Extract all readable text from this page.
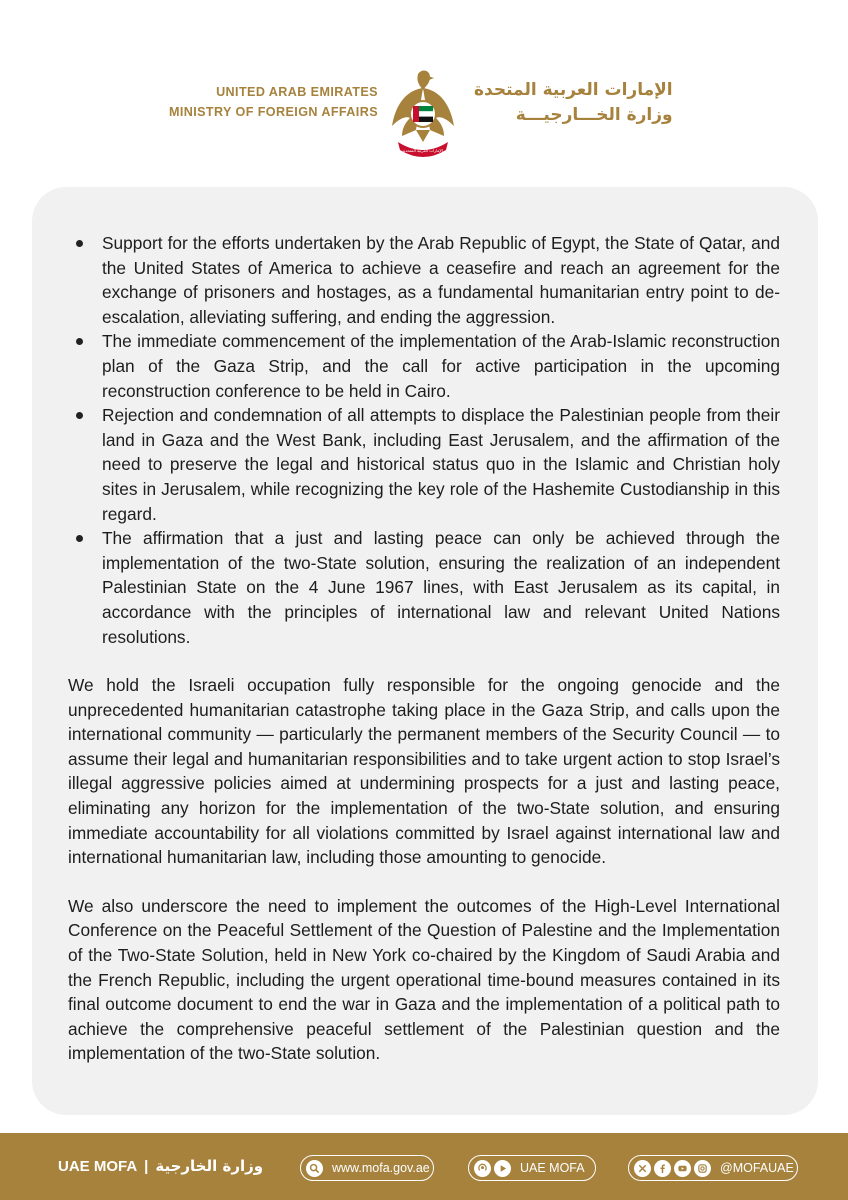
UNITED ARAB EMIRATES
MINISTRY OF FOREIGN AFFAIRS
الإمارات العربية المتحدة
الإمارات العربية المتحدة
وزارة الخـــارجيـــة
Support for the efforts undertaken by the Arab Republic of Egypt, the State of Qatar, and the United States of America to achieve a ceasefire and reach an agreement for the exchange of prisoners and hostages, as a fundamental humanitarian entry point to de-escalation, alleviating suffering, and ending the aggression.
The immediate commencement of the implementation of the Arab-Islamic reconstruction plan of the Gaza Strip, and the call for active participation in the upcoming reconstruction conference to be held in Cairo.
Rejection and condemnation of all attempts to displace the Palestinian people from their land in Gaza and the West Bank, including East Jerusalem, and the affirmation of the need to preserve the legal and historical status quo in the Islamic and Christian holy sites in Jerusalem, while recognizing the key role of the Hashemite Custodianship in this regard.
The affirmation that a just and lasting peace can only be achieved through the implementation of the two-State solution, ensuring the realization of an independent Palestinian State on the 4 June 1967 lines, with East Jerusalem as its capital, in accordance with the principles of international law and relevant United Nations resolutions.

We hold the Israeli occupation fully responsible for the ongoing genocide and the unprecedented humanitarian catastrophe taking place in the Gaza Strip, and calls upon the international community — particularly the permanent members of the Security Council — to assume their legal and humanitarian responsibilities and to take urgent action to stop Israel’s illegal aggressive policies aimed at undermining prospects for a just and lasting peace, eliminating any horizon for the implementation of the two-State solution, and ensuring immediate accountability for all violations committed by Israel against international law and international humanitarian law, including those amounting to genocide.

We also underscore the need to implement the outcomes of the High-Level International Conference on the Peaceful Settlement of the Question of Palestine and the Implementation of the Two-State Solution, held in New York co-chaired by the Kingdom of Saudi Arabia and the French Republic, including the urgent operational time-bound measures contained in its final outcome document to end the war in Gaza and the implementation of a political path to achieve the comprehensive peaceful settlement of the Palestinian question and the implementation of the two-State solution.

UAE MOFA | وزارة الخارجية	www.mofa.gov.ae	UAE MOFA	@MOFAUAE
